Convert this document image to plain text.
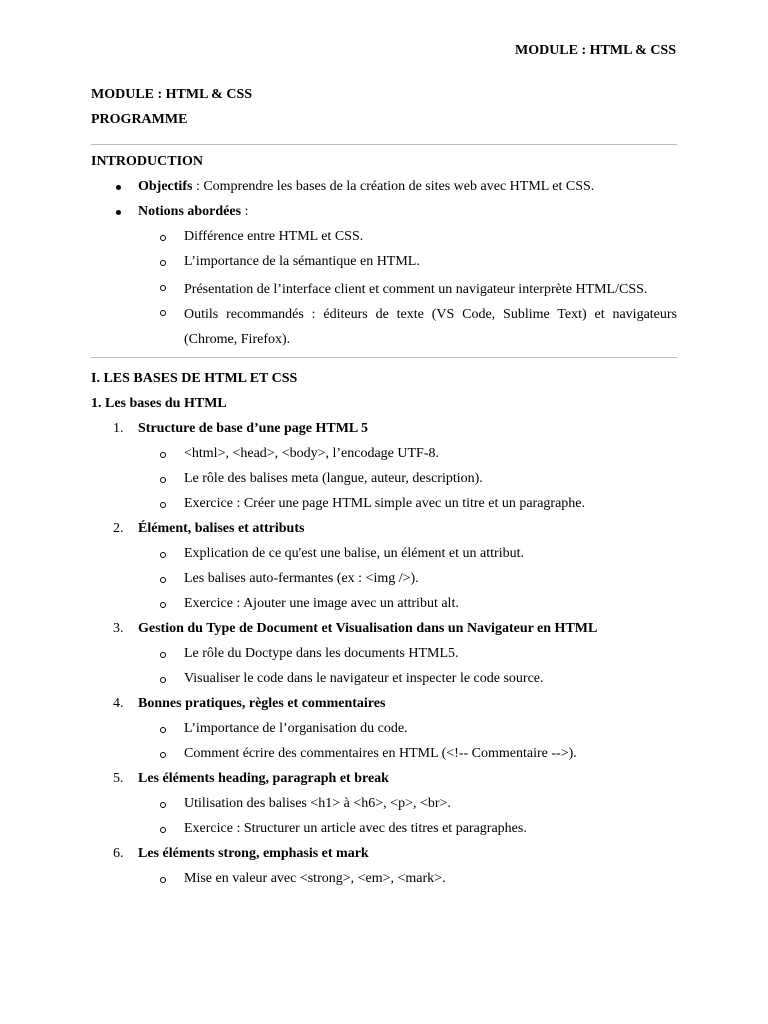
MODULE : HTML & CSS
MODULE : HTML & CSS
PROGRAMME
INTRODUCTION
Objectifs : Comprendre les bases de la création de sites web avec HTML et CSS.
Notions abordées :
Différence entre HTML et CSS.
L’importance de la sémantique en HTML.
Présentation de l’interface client et comment un navigateur interprète HTML/CSS.
Outils recommandés : éditeurs de texte (VS Code, Sublime Text) et navigateurs (Chrome, Firefox).
I. LES BASES DE HTML ET CSS
1. Les bases du HTML
1. Structure de base d’une page HTML 5
<html>, <head>, <body>, l’encodage UTF-8.
Le rôle des balises meta (langue, auteur, description).
Exercice : Créer une page HTML simple avec un titre et un paragraphe.
2. Élément, balises et attributs
Explication de ce qu'est une balise, un élément et un attribut.
Les balises auto-fermantes (ex : <img />).
Exercice : Ajouter une image avec un attribut alt.
3. Gestion du Type de Document et Visualisation dans un Navigateur en HTML
Le rôle du Doctype dans les documents HTML5.
Visualiser le code dans le navigateur et inspecter le code source.
4. Bonnes pratiques, règles et commentaires
L’importance de l’organisation du code.
Comment écrire des commentaires en HTML (<!-- Commentaire -->).
5. Les éléments heading, paragraph et break
Utilisation des balises <h1> à <h6>, <p>, <br>.
Exercice : Structurer un article avec des titres et paragraphes.
6. Les éléments strong, emphasis et mark
Mise en valeur avec <strong>, <em>, <mark>.
